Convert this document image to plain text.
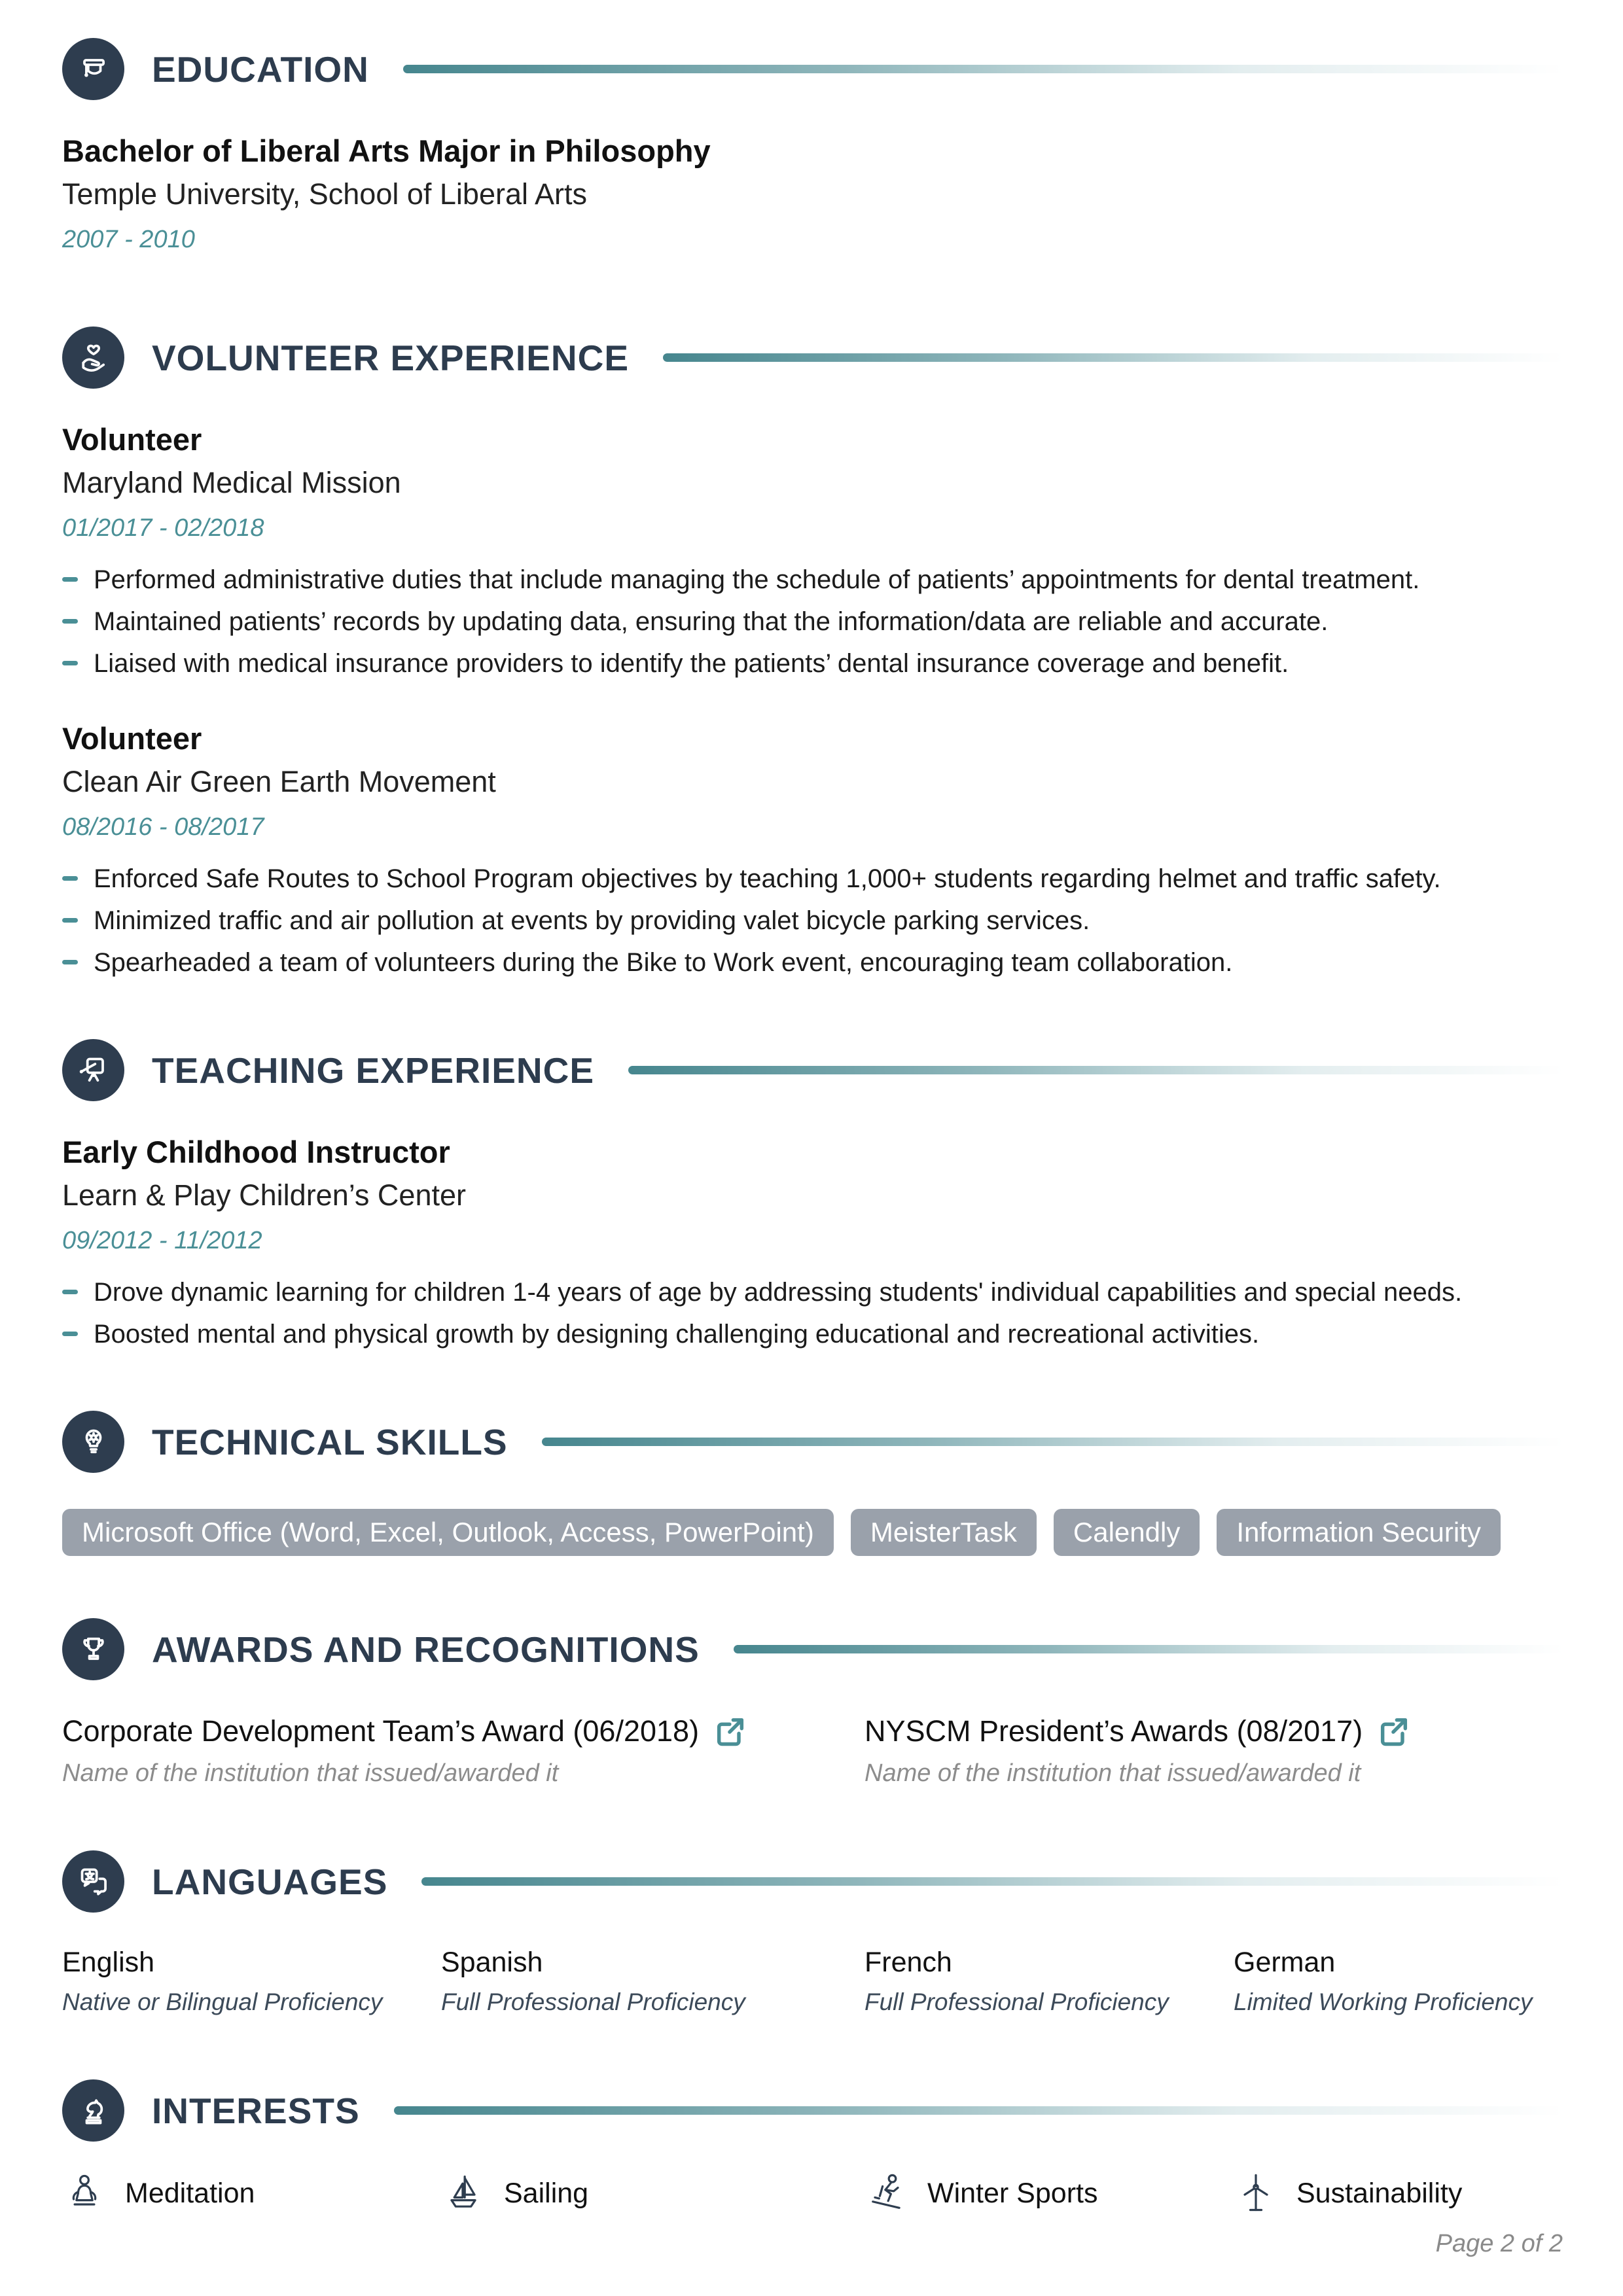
EDUCATION
Bachelor of Liberal Arts Major in Philosophy
Temple University, School of Liberal Arts
2007 - 2010
VOLUNTEER EXPERIENCE
Volunteer
Maryland Medical Mission
01/2017 - 02/2018
Performed administrative duties that include managing the schedule of patients’ appointments for dental treatment.
Maintained patients’ records by updating data, ensuring that the information/data are reliable and accurate.
Liaised with medical insurance providers to identify the patients’ dental insurance coverage and benefit.
Volunteer
Clean Air Green Earth Movement
08/2016 - 08/2017
Enforced Safe Routes to School Program objectives by teaching 1,000+ students regarding helmet and traffic safety.
Minimized traffic and air pollution at events by providing valet bicycle parking services.
Spearheaded a team of volunteers during the Bike to Work event, encouraging team collaboration.
TEACHING EXPERIENCE
Early Childhood Instructor
Learn & Play Children’s Center
09/2012 - 11/2012
Drove dynamic learning for children 1-4 years of age by addressing students' individual capabilities and special needs.
Boosted mental and physical growth by designing challenging educational and recreational activities.
TECHNICAL SKILLS
Microsoft Office (Word, Excel, Outlook, Access, PowerPoint)	MeisterTask	Calendly	Information Security
AWARDS AND RECOGNITIONS
Corporate Development Team’s Award (06/2018)
Name of the institution that issued/awarded it
NYSCM President’s Awards (08/2017)
Name of the institution that issued/awarded it
LANGUAGES
English
Native or Bilingual Proficiency
Spanish
Full Professional Proficiency
French
Full Professional Proficiency
German
Limited Working Proficiency
INTERESTS
Meditation	Sailing	Winter Sports	Sustainability
Page 2 of 2
